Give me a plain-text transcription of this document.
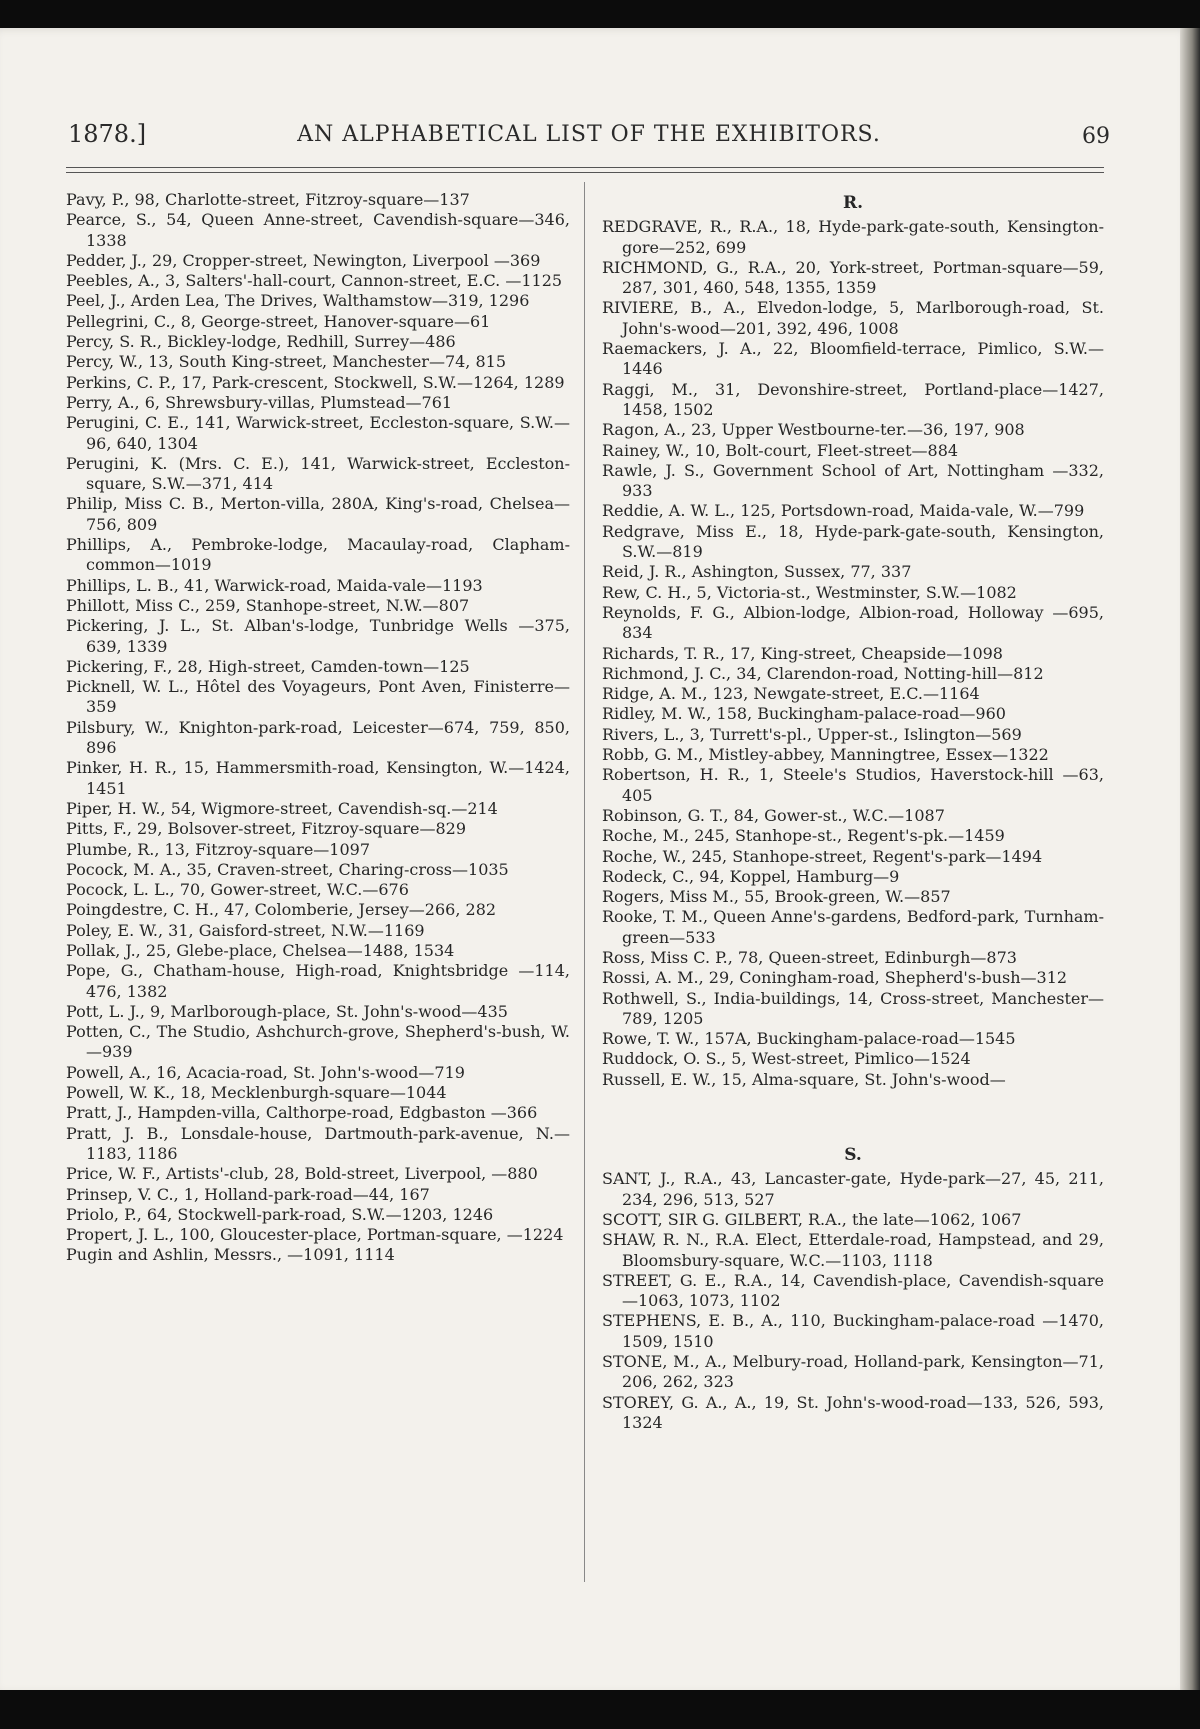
1878.]	AN ALPHABETICAL LIST OF THE EXHIBITORS.	69

Pavy, P., 98, Charlotte-street, Fitzroy-square—137

Pearce, S., 54, Queen Anne-street, Cavendish-square—346, 1338

Pedder, J., 29, Cropper-street, Newington, Liverpool —369

Peebles, A., 3, Salters'-hall-court, Cannon-street, E.C. —1125

Peel, J., Arden Lea, The Drives, Walthamstow—319, 1296

Pellegrini, C., 8, George-street, Hanover-square—61

Percy, S. R., Bickley-lodge, Redhill, Surrey—486

Percy, W., 13, South King-street, Manchester—74, 815

Perkins, C. P., 17, Park-crescent, Stockwell, S.W.—1264, 1289

Perry, A., 6, Shrewsbury-villas, Plumstead—761

Perugini, C. E., 141, Warwick-street, Eccleston-square, S.W.—96, 640, 1304

Perugini, K. (Mrs. C. E.), 141, Warwick-street, Eccleston-square, S.W.—371, 414

Philip, Miss C. B., Merton-villa, 280A, King's-road, Chelsea—756, 809

Phillips, A., Pembroke-lodge, Macaulay-road, Clapham-common—1019

Phillips, L. B., 41, Warwick-road, Maida-vale—1193

Phillott, Miss C., 259, Stanhope-street, N.W.—807

Pickering, J. L., St. Alban's-lodge, Tunbridge Wells —375, 639, 1339

Pickering, F., 28, High-street, Camden-town—125

Picknell, W. L., Hôtel des Voyageurs, Pont Aven, Finisterre—359

Pilsbury, W., Knighton-park-road, Leicester—674, 759, 850, 896

Pinker, H. R., 15, Hammersmith-road, Kensington, W.—1424, 1451

Piper, H. W., 54, Wigmore-street, Cavendish-sq.—214

Pitts, F., 29, Bolsover-street, Fitzroy-square—829

Plumbe, R., 13, Fitzroy-square—1097

Pocock, M. A., 35, Craven-street, Charing-cross—1035

Pocock, L. L., 70, Gower-street, W.C.—676

Poingdestre, C. H., 47, Colomberie, Jersey—266, 282

Poley, E. W., 31, Gaisford-street, N.W.—1169

Pollak, J., 25, Glebe-place, Chelsea—1488, 1534

Pope, G., Chatham-house, High-road, Knightsbridge —114, 476, 1382

Pott, L. J., 9, Marlborough-place, St. John's-wood—435

Potten, C., The Studio, Ashchurch-grove, Shepherd's-bush, W.—939

Powell, A., 16, Acacia-road, St. John's-wood—719

Powell, W. K., 18, Mecklenburgh-square—1044

Pratt, J., Hampden-villa, Calthorpe-road, Edgbaston —366

Pratt, J. B., Lonsdale-house, Dartmouth-park-avenue, N.—1183, 1186

Price, W. F., Artists'-club, 28, Bold-street, Liverpool, —880

Prinsep, V. C., 1, Holland-park-road—44, 167

Priolo, P., 64, Stockwell-park-road, S.W.—1203, 1246

Propert, J. L., 100, Gloucester-place, Portman-square, —1224

Pugin and Ashlin, Messrs., —1091, 1114

R.

REDGRAVE, R., R.A., 18, Hyde-park-gate-south, Kensington-gore—252, 699

RICHMOND, G., R.A., 20, York-street, Portman-square—59, 287, 301, 460, 548, 1355, 1359

RIVIERE, B., A., Elvedon-lodge, 5, Marlborough-road, St. John's-wood—201, 392, 496, 1008

Raemackers, J. A., 22, Bloomfield-terrace, Pimlico, S.W.—1446

Raggi, M., 31, Devonshire-street, Portland-place—1427, 1458, 1502

Ragon, A., 23, Upper Westbourne-ter.—36, 197, 908

Rainey, W., 10, Bolt-court, Fleet-street—884

Rawle, J. S., Government School of Art, Nottingham —332, 933

Reddie, A. W. L., 125, Portsdown-road, Maida-vale, W.—799

Redgrave, Miss E., 18, Hyde-park-gate-south, Kensington, S.W.—819

Reid, J. R., Ashington, Sussex, 77, 337

Rew, C. H., 5, Victoria-st., Westminster, S.W.—1082

Reynolds, F. G., Albion-lodge, Albion-road, Holloway —695, 834

Richards, T. R., 17, King-street, Cheapside—1098

Richmond, J. C., 34, Clarendon-road, Notting-hill—812

Ridge, A. M., 123, Newgate-street, E.C.—1164

Ridley, M. W., 158, Buckingham-palace-road—960

Rivers, L., 3, Turrett's-pl., Upper-st., Islington—569

Robb, G. M., Mistley-abbey, Manningtree, Essex—1322

Robertson, H. R., 1, Steele's Studios, Haverstock-hill —63, 405

Robinson, G. T., 84, Gower-st., W.C.—1087

Roche, M., 245, Stanhope-st., Regent's-pk.—1459

Roche, W., 245, Stanhope-street, Regent's-park—1494

Rodeck, C., 94, Koppel, Hamburg—9

Rogers, Miss M., 55, Brook-green, W.—857

Rooke, T. M., Queen Anne's-gardens, Bedford-park, Turnham-green—533

Ross, Miss C. P., 78, Queen-street, Edinburgh—873

Rossi, A. M., 29, Coningham-road, Shepherd's-bush—312

Rothwell, S., India-buildings, 14, Cross-street, Manchester—789, 1205

Rowe, T. W., 157A, Buckingham-palace-road—1545

Ruddock, O. S., 5, West-street, Pimlico—1524

Russell, E. W., 15, Alma-square, St. John's-wood—

S.

SANT, J., R.A., 43, Lancaster-gate, Hyde-park—27, 45, 211, 234, 296, 513, 527

SCOTT, SIR G. GILBERT, R.A., the late—1062, 1067

SHAW, R. N., R.A. Elect, Etterdale-road, Hampstead, and 29, Bloomsbury-square, W.C.—1103, 1118

STREET, G. E., R.A., 14, Cavendish-place, Cavendish-square—1063, 1073, 1102

STEPHENS, E. B., A., 110, Buckingham-palace-road —1470, 1509, 1510

STONE, M., A., Melbury-road, Holland-park, Kensington—71, 206, 262, 323

STOREY, G. A., A., 19, St. John's-wood-road—133, 526, 593, 1324
